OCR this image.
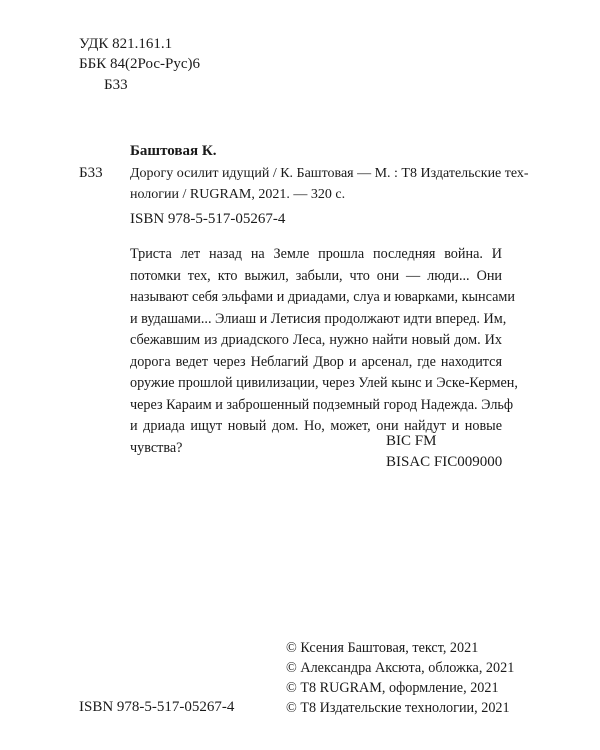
УДК 821.161.1
ББК 84(2Рос-Рус)6
Б33
Баштовая К.
Б33 Дорогу осилит идущий / К. Баштовая — М. : Т8 Издательские тех-
нологии / RUGRAM, 2021. — 320 с.
ISBN 978-5-517-05267-4
Триста лет назад на Земле прошла последняя война. И
потомки тех, кто выжил, забыли, что они — люди... Они
называют себя эльфами и дриадами, слуа и юварками, кынсами
и вудашами... Элиаш и Летисия продолжают идти вперед. Им,
сбежавшим из дриадского Леса, нужно найти новый дом. Их
дорога ведет через Неблагий Двор и арсенал, где находится
оружие прошлой цивилизации, через Улей кынс и Эске-Кермен,
через Караим и заброшенный подземный город Надежда. Эльф
и дриада ищут новый дом. Но, может, они найдут и новые
чувства?	BIC FM
BISAC FIC009000
© Ксения Баштовая, текст, 2021
© Александра Аксюта, обложка, 2021
© Т8 RUGRAM, оформление, 2021
© Т8 Издательские технологии, 2021
ISBN 978-5-517-05267-4
